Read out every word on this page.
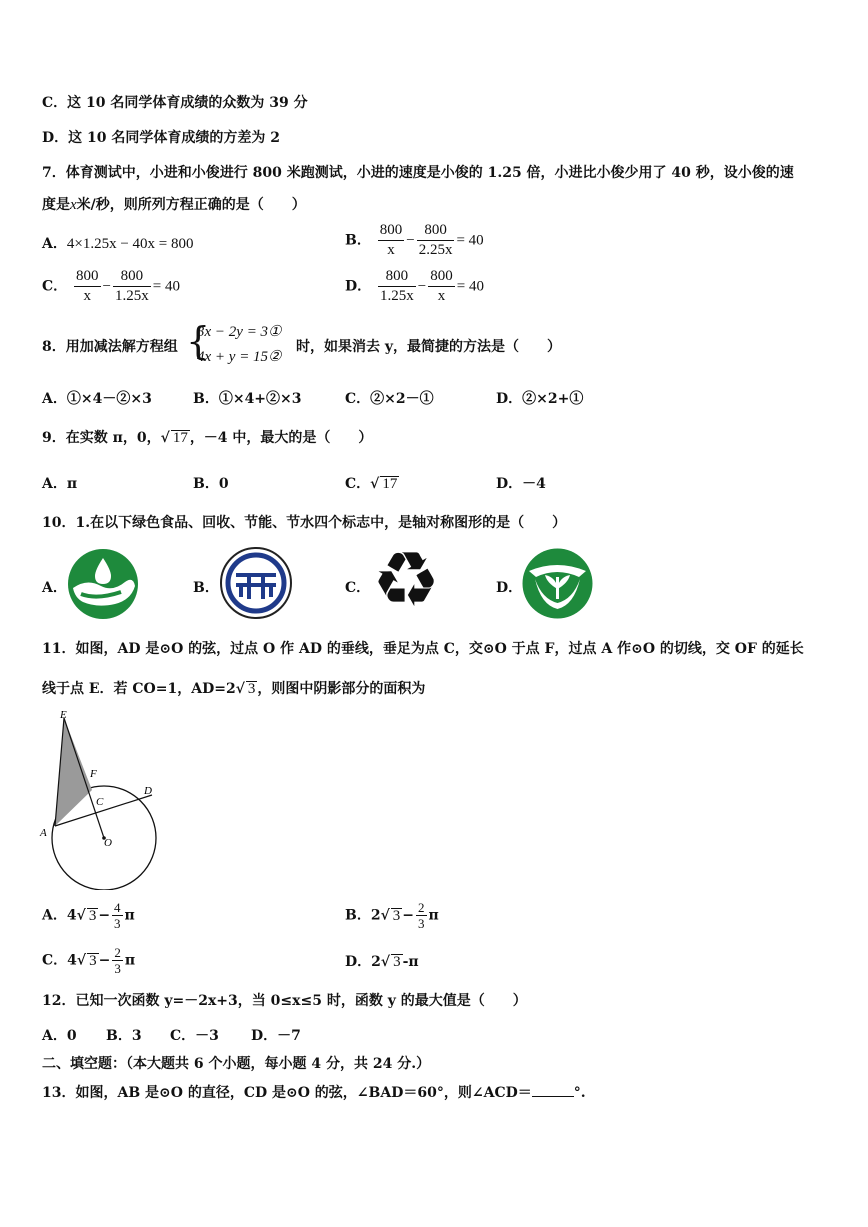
C．这 10 名同学体育成绩的众数为 39 分
D．这 10 名同学体育成绩的方差为 2
7．体育测试中，小进和小俊进行 800 米跑测试，小进的速度是小俊的 1.25 倍，小进比小俊少用了 40 秒，设小俊的速
度是x米/秒，则所列方程正确的是（　　）
A．4×1.25x − 40x = 800	B． $\frac{800}{x} - \frac{800}{2.25x} = 40$
C． $\frac{800}{x} - \frac{800}{1.25x} = 40$	D． $\frac{800}{1.25x} - \frac{800}{x} = 40$
8．用加减法解方程组 {
3x − 2y = 3①
4x + y = 15②
时，如果消去 y，最简捷的方法是（　　）
A．①×4－②×3	B．①×4+②×3	C．②×2－①	D．②×2+①
9．在实数 π，0，√ 17 ，－4 中，最大的是（　　）
A．π	B．0	C．√ 17	D．－4
10．1.在以下绿色食品、回收、节能、节水四个标志中，是轴对称图形的是（　　）
A．	B．	C． ♻	D．
11．如图，AD 是⊙O 的弦，过点 O 作 AD 的垂线，垂足为点 C，交⊙O 于点 F，过点 A 作⊙O 的切线，交 OF 的延长
线于点 E．若 CO=1，AD=2√ 3 ，则图中阴影部分的面积为
E
F
C
D
A
O
A．4√ $3 - \frac{4}{3}$ π	B．2√ $3 - \frac{2}{3}$ π
C．4√ $3 - \frac{2}{3}$ π	D．2√ 3 -π
12．已知一次函数 y=－2x+3，当 0≤x≤5 时，函数 y 的最大值是（　　）
A．0 B．3 C．－3 D．－7
二、填空题：（本大题共 6 个小题，每小题 4 分，共 24 分.）
13．如图，AB 是⊙O 的直径，CD 是⊙O 的弦，∠BAD＝60°，则∠ACD＝	°.
